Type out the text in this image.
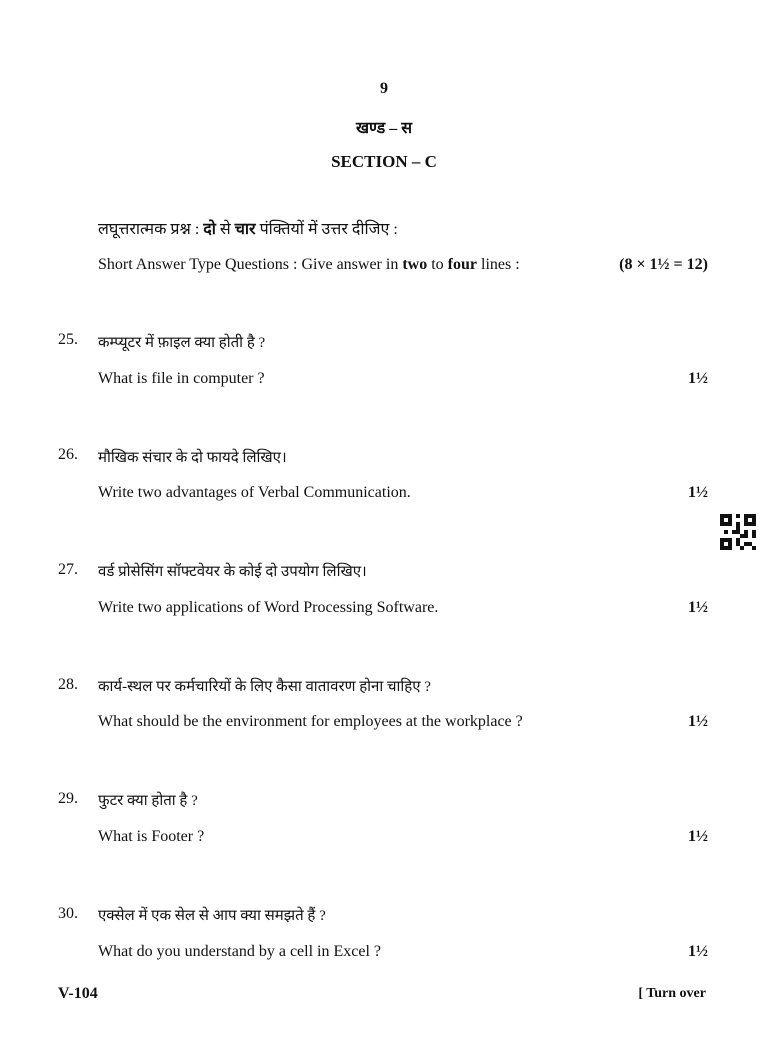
9
खण्ड – स
SECTION – C
लघूत्तरात्मक प्रश्न : दो से चार पंक्तियों में उत्तर दीजिए :
Short Answer Type Questions : Give answer in two to four lines :	(8 × 1½ = 12)
25. कम्प्यूटर में फ़ाइल क्या होती है ?
What is file in computer ?	1½
26. मौखिक संचार के दो फायदे लिखिए।
Write two advantages of Verbal Communication.	1½
27. वर्ड प्रोसेसिंग सॉफ्टवेयर के कोई दो उपयोग लिखिए।
Write two applications of Word Processing Software.	1½
28. कार्य-स्थल पर कर्मचारियों के लिए कैसा वातावरण होना चाहिए ?
What should be the environment for employees at the workplace ?	1½
29. फुटर क्या होता है ?
What is Footer ?	1½
30. एक्सेल में एक सेल से आप क्या समझते हैं ?
What do you understand by a cell in Excel ?	1½
V-104	[ Turn over
